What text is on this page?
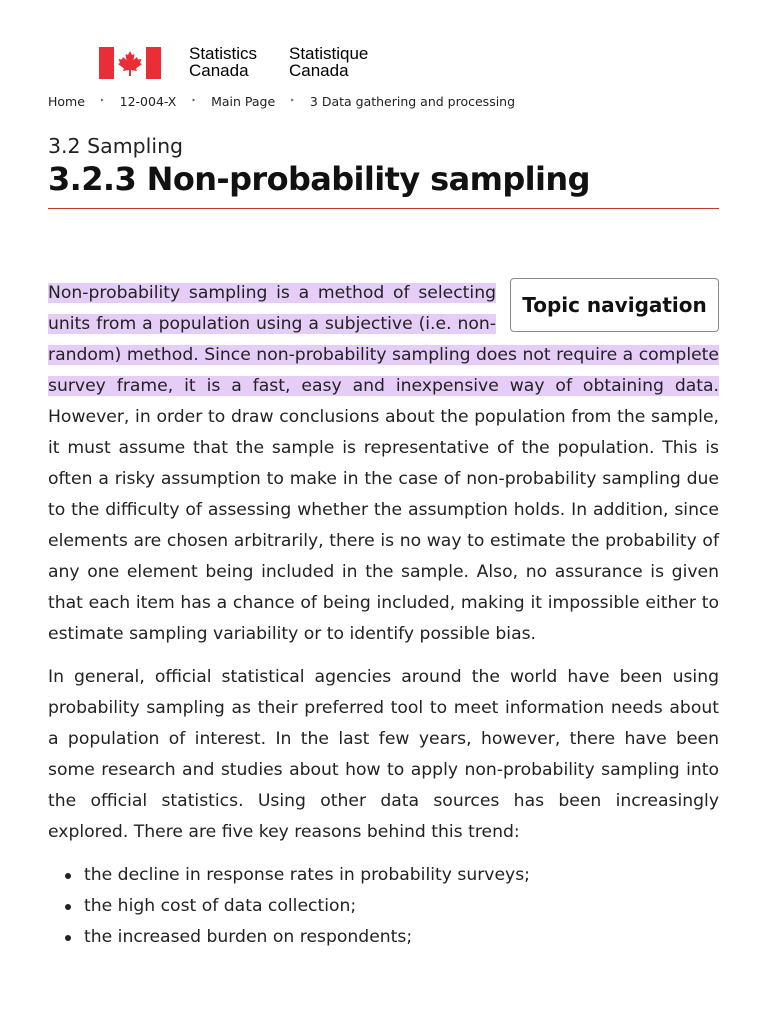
Statistics
Canada
Statistique
Canada
Home ‣ 12-004-X ‣ Main Page ‣ 3 Data gathering and processing
3.2 Sampling
3.2.3 Non-probability sampling
Topic navigation

Non-probability sampling is a method of selecting units from a population using a subjective (i.e. non-random) method. Since non-probability sampling does not require a complete survey frame, it is a fast, easy and inexpensive way of obtaining data. However, in order to draw conclusions about the population from the sample, it must assume that the sample is representative of the population. This is often a risky assumption to make in the case of non-probability sampling due to the difficulty of assessing whether the assumption holds. In addition, since elements are chosen arbitrarily, there is no way to estimate the probability of any one element being included in the sample. Also, no assurance is given that each item has a chance of being included, making it impossible either to estimate sampling variability or to identify possible bias.

In general, official statistical agencies around the world have been using probability sampling as their preferred tool to meet information needs about a population of interest. In the last few years, however, there have been some research and studies about how to apply non-probability sampling into the official statistics. Using other data sources has been increasingly explored. There are five key reasons behind this trend:

the decline in response rates in probability surveys;
the high cost of data collection;
the increased burden on respondents;
